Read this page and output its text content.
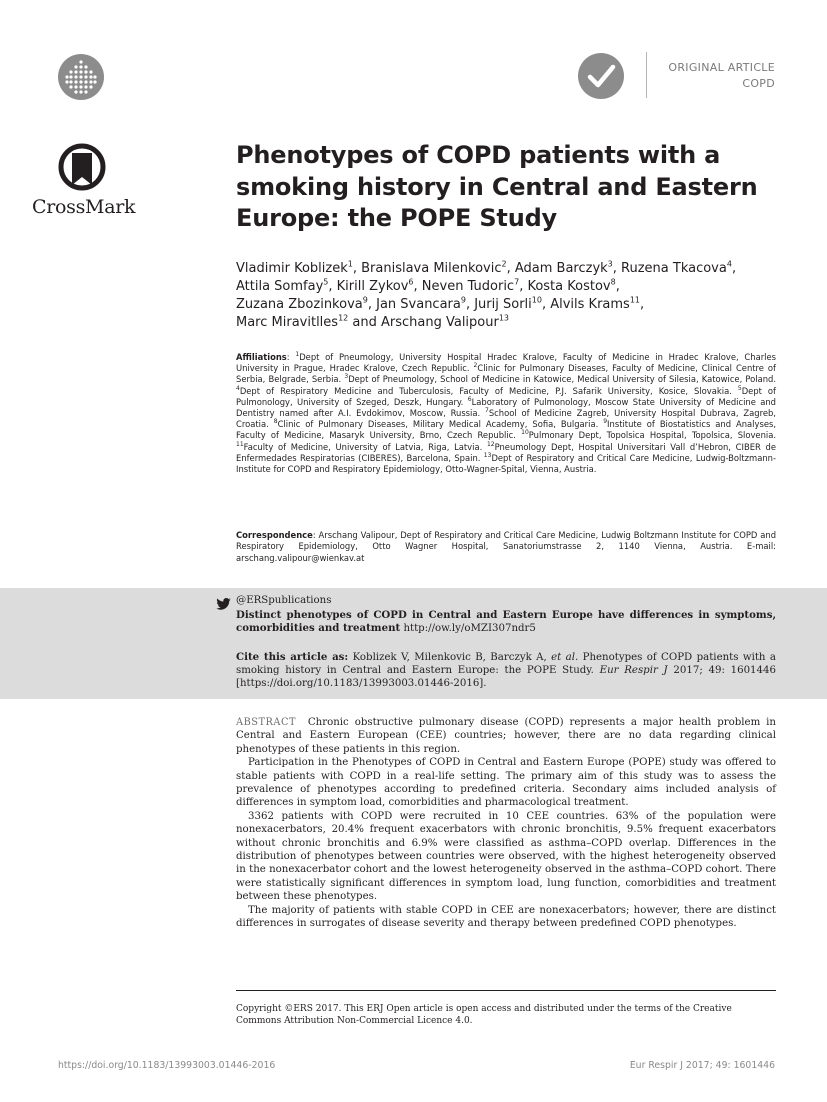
ORIGINAL ARTICLE
COPD
CrossMark
Phenotypes of COPD patients with a
smoking history in Central and Eastern
Europe: the POPE Study
Vladimir Koblizek$^1$, Branislava Milenkovic$^2$, Adam Barczyk$^3$, Ruzena Tkacova$^4$,
Attila Somfay$^5$, Kirill Zykov$^6$, Neven Tudoric$^7$, Kosta Kostov$^8$,
Zuzana Zbozinkova$^9$, Jan Svancara$^9$, Jurij Sorli$^{10}$, Alvils Krams$^{11}$,
Marc Miravitlles$^{12}$ and Arschang Valipour$^{13}$
Affiliations: $^1$Dept of Pneumology, University Hospital Hradec Kralove, Faculty of Medicine in Hradec Kralove, Charles University in Prague, Hradec Kralove, Czech Republic. $^2$Clinic for Pulmonary Diseases, Faculty of Medicine, Clinical Centre of Serbia, Belgrade, Serbia. $^3$Dept of Pneumology, School of Medicine in Katowice, Medical University of Silesia, Katowice, Poland. $^4$Dept of Respiratory Medicine and Tuberculosis, Faculty of Medicine, P.J. Safarik University, Kosice, Slovakia. $^5$Dept of Pulmonology, University of Szeged, Deszk, Hungary. $^6$Laboratory of Pulmonology, Moscow State University of Medicine and Dentistry named after A.I. Evdokimov, Moscow, Russia. $^7$School of Medicine Zagreb, University Hospital Dubrava, Zagreb, Croatia. $^8$Clinic of Pulmonary Diseases, Military Medical Academy, Sofia, Bulgaria. $^9$Institute of Biostatistics and Analyses, Faculty of Medicine, Masaryk University, Brno, Czech Republic. $^{10}$Pulmonary Dept, Topolsica Hospital, Topolsica, Slovenia. $^{11}$Faculty of Medicine, University of Latvia, Riga, Latvia. $^{12}$Pneumology Dept, Hospital Universitari Vall d’Hebron, CIBER de Enfermedades Respiratorias (CIBERES), Barcelona, Spain. $^{13}$Dept of Respiratory and Critical Care Medicine, Ludwig-Boltzmann-Institute for COPD and Respiratory Epidemiology, Otto-Wagner-Spital, Vienna, Austria.
Correspondence: Arschang Valipour, Dept of Respiratory and Critical Care Medicine, Ludwig Boltzmann Institute for COPD and Respiratory Epidemiology, Otto Wagner Hospital, Sanatoriumstrasse 2, 1140 Vienna, Austria. E-mail: arschang.valipour@wienkav.at
@ERSpublications
Distinct phenotypes of COPD in Central and Eastern Europe have differences in symptoms, comorbidities and treatment http://ow.ly/oMZI307ndr5
Cite this article as: Koblizek V, Milenkovic B, Barczyk A, et al. Phenotypes of COPD patients with a smoking history in Central and Eastern Europe: the POPE Study. Eur Respir J 2017; 49: 1601446 [https://doi.org/10.1183/13993003.01446-2016].

ABSTRACT Chronic obstructive pulmonary disease (COPD) represents a major health problem in Central and Eastern European (CEE) countries; however, there are no data regarding clinical phenotypes of these patients in this region.

Participation in the Phenotypes of COPD in Central and Eastern Europe (POPE) study was offered to stable patients with COPD in a real-life setting. The primary aim of this study was to assess the prevalence of phenotypes according to predefined criteria. Secondary aims included analysis of differences in symptom load, comorbidities and pharmacological treatment.

3362 patients with COPD were recruited in 10 CEE countries. 63% of the population were nonexacerbators, 20.4% frequent exacerbators with chronic bronchitis, 9.5% frequent exacerbators without chronic bronchitis and 6.9% were classified as asthma–COPD overlap. Differences in the distribution of phenotypes between countries were observed, with the highest heterogeneity observed in the nonexacerbator cohort and the lowest heterogeneity observed in the asthma–COPD cohort. There were statistically significant differences in symptom load, lung function, comorbidities and treatment between these phenotypes.

The majority of patients with stable COPD in CEE are nonexacerbators; however, there are distinct differences in surrogates of disease severity and therapy between predefined COPD phenotypes.

Copyright ©ERS 2017. This ERJ Open article is open access and distributed under the terms of the Creative Commons Attribution Non-Commercial Licence 4.0.
https://doi.org/10.1183/13993003.01446-2016	Eur Respir J 2017; 49: 1601446
